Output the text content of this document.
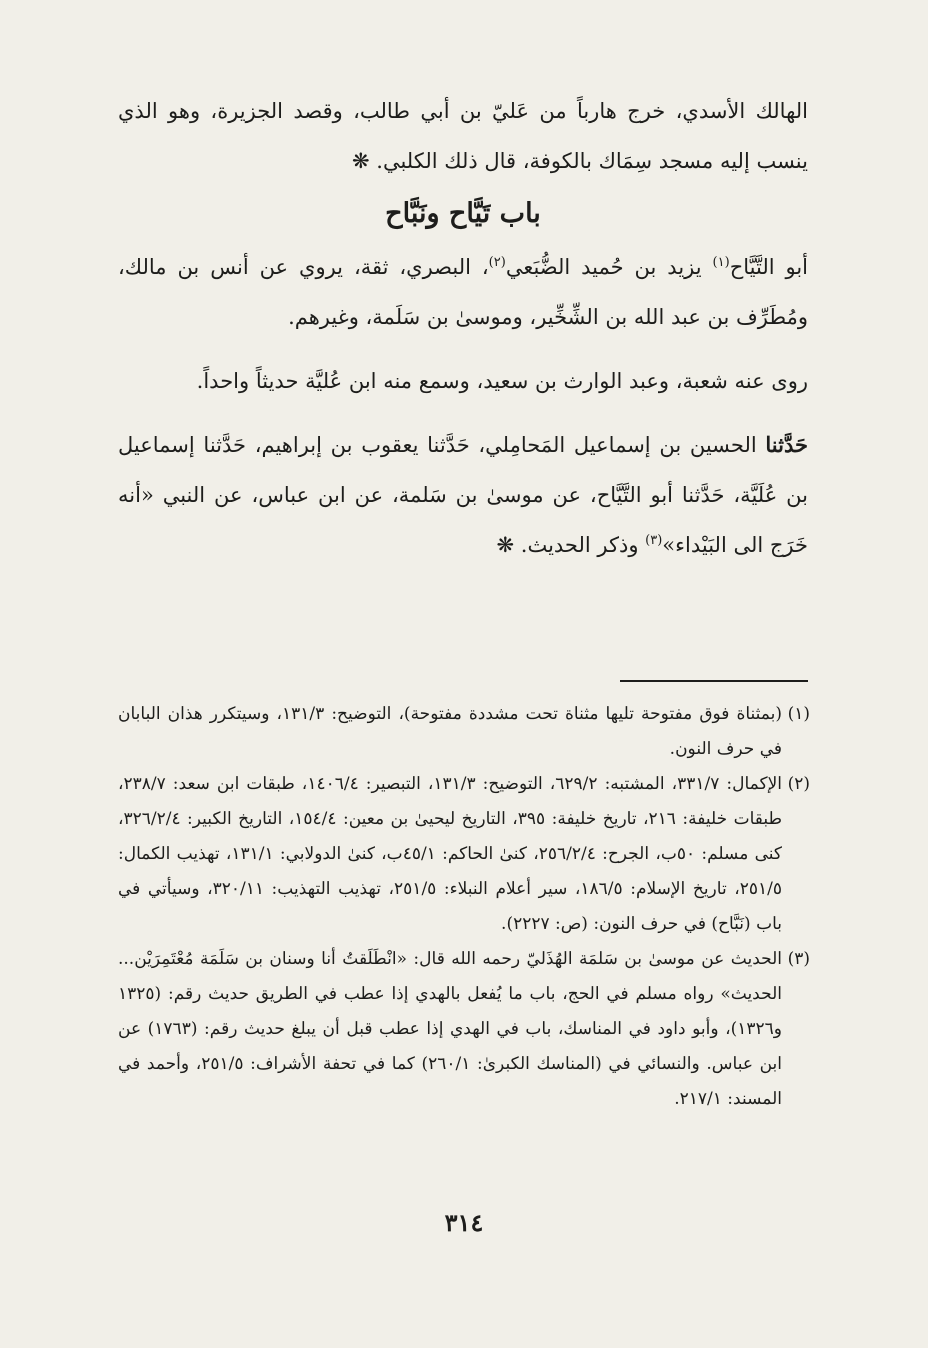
الهالك الأسدي، خرج هارباً من عَليّ بن أبي طالب، وقصد الجزيرة، وهو الذي ينسب إليه مسجد سِمَاك بالكوفة، قال ذلك الكلبي. ❋

باب تَيَّاح ونَبَّاح

أبو التَّيَّاح$^{(١)}$ يزيد بن حُميد الضُّبَعي$^{(٢)}$، البصري، ثقة، يروي عن أنس بن مالك، ومُطَرِّف بن عبد الله بن الشِّخِّير، وموسىٰ بن سَلَمة، وغيرهم.

روى عنه شعبة، وعبد الوارث بن سعيد، وسمع منه ابن عُليَّة حديثاً واحداً.

حَدَّثنا الحسين بن إسماعيل المَحامِلي، حَدَّثنا يعقوب بن إبراهيم، حَدَّثنا إسماعيل بن عُلَيَّة، حَدَّثنا أبو التَّيَّاح، عن موسىٰ بن سَلمة، عن ابن عباس، عن النبي «أنه خَرَج الى البَيْداء»$^{(٣)}$ وذكر الحديث. ❋

(١)
(بمثناة فوق مفتوحة تليها مثناة تحت مشددة مفتوحة)، التوضيح: ١٣١/٣، وسيتكرر هذان البابان في حرف النون.
(٢)
الإكمال: ٣٣١/٧، المشتبه: ٦٢٩/٢، التوضيح: ١٣١/٣، التبصير: ١٤٠٦/٤، طبقات ابن سعد: ٢٣٨/٧، طبقات خليفة: ٢١٦، تاريخ خليفة: ٣٩٥، التاريخ ليحيىٰ بن معين: ١٥٤/٤، التاريخ الكبير: ٣٢٦/٢/٤، كنى مسلم: ٥٠ب، الجرح: ٢٥٦/٢/٤، كنىٰ الحاكم: ٤٥/١ب، كنىٰ الدولابي: ١٣١/١، تهذيب الكمال: ٢٥١/٥، تاريخ الإسلام: ١٨٦/٥، سير أعلام النبلاء: ٢٥١/٥، تهذيب التهذيب: ٣٢٠/١١، وسيأتي في باب (نَبَّاح) في حرف النون: (ص: ٢٢٢٧).
(٣)
الحديث عن موسىٰ بن سَلمَة الهُذَليّ رحمه الله قال: «انْطَلَقتُ أنا وسنان بن سَلَمَة مُعْتَمِرَيْن... الحديث» رواه مسلم في الحج، باب ما يُفعل بالهدي إذا عطب في الطريق حديث رقم: (١٣٢٥ و١٣٢٦)، وأبو داود في المناسك، باب في الهدي إذا عطب قبل أن يبلغ حديث رقم: (١٧٦٣) عن ابن عباس. والنسائي في (المناسك الكبرىٰ: ٢٦٠/١) كما في تحفة الأشراف: ٢٥١/٥، وأحمد في المسند: ٢١٧/١.
٣١٤
